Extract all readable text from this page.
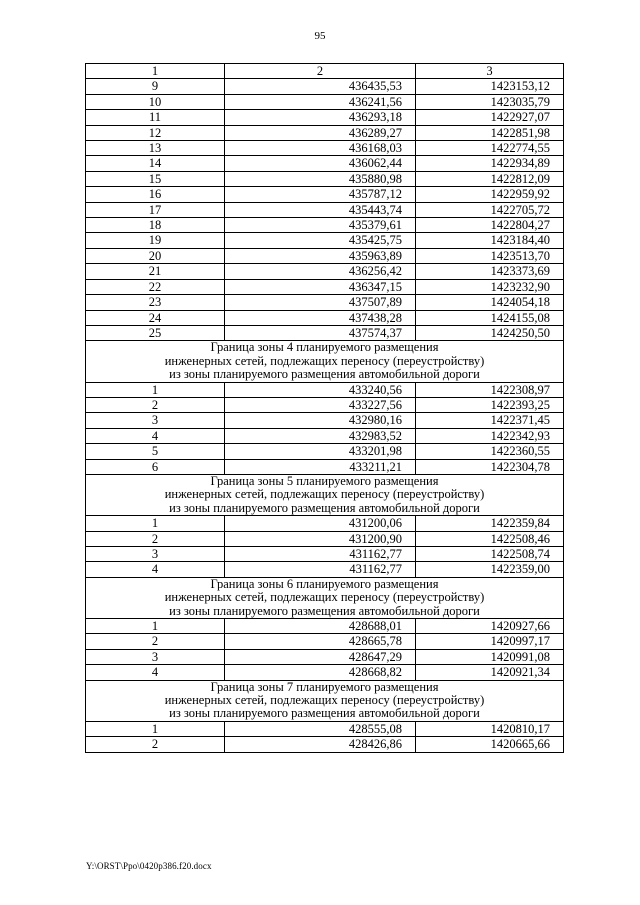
95
1	2	3
9	436435,53	1423153,12
10	436241,56	1423035,79
11	436293,18	1422927,07
12	436289,27	1422851,98
13	436168,03	1422774,55
14	436062,44	1422934,89
15	435880,98	1422812,09
16	435787,12	1422959,92
17	435443,74	1422705,72
18	435379,61	1422804,27
19	435425,75	1423184,40
20	435963,89	1423513,70
21	436256,42	1423373,69
22	436347,15	1423232,90
23	437507,89	1424054,18
24	437438,28	1424155,08
25	437574,37	1424250,50

Граница зоны 4 планируемого размещения
инженерных сетей, подлежащих переносу (переустройству)
из зоны планируемого размещения автомобильной дороги		

1	433240,56	1422308,97
2	433227,56	1422393,25
3	432980,16	1422371,45
4	432983,52	1422342,93
5	433201,98	1422360,55
6	433211,21	1422304,78

Граница зоны 5 планируемого размещения
инженерных сетей, подлежащих переносу (переустройству)
из зоны планируемого размещения автомобильной дороги		

1	431200,06	1422359,84
2	431200,90	1422508,46
3	431162,77	1422508,74
4	431162,77	1422359,00

Граница зоны 6 планируемого размещения
инженерных сетей, подлежащих переносу (переустройству)
из зоны планируемого размещения автомобильной дороги		

1	428688,01	1420927,66
2	428665,78	1420997,17
3	428647,29	1420991,08
4	428668,82	1420921,34

Граница зоны 7 планируемого размещения
инженерных сетей, подлежащих переносу (переустройству)
из зоны планируемого размещения автомобильной дороги		

1	428555,08	1420810,17
2	428426,86	1420665,66
Y:\ORST\Ppo\0420p386.f20.docx
